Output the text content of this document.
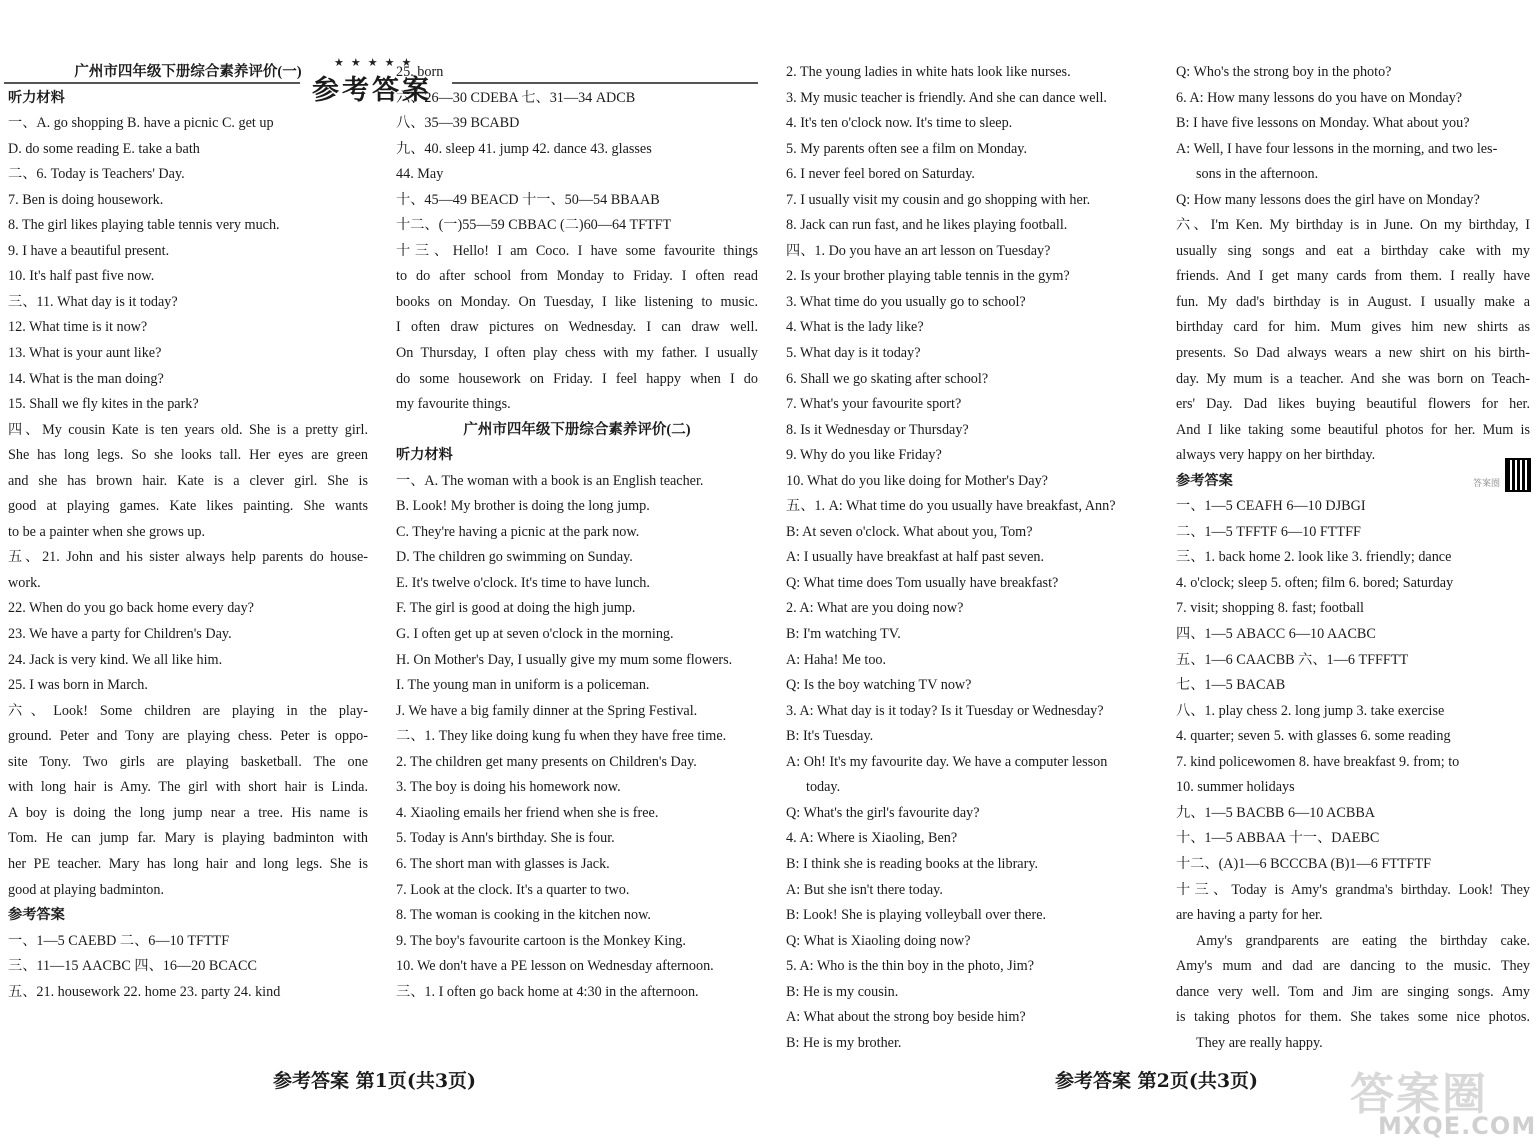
★★★★★
参考答案
广州市四年级下册综合素养评价(一)
听力材料
一、A. go shopping B. have a picnic C. get up
D. do some reading E. take a bath
二、6. Today is Teachers' Day.
7. Ben is doing housework.
8. The girl likes playing table tennis very much.
9. I have a beautiful present.
10. It's half past five now.
三、11. What day is it today?
12. What time is it now?
13. What is your aunt like?
14. What is the man doing?
15. Shall we fly kites in the park?
四、My cousin Kate is ten years old. She is a pretty girl.
She has long legs. So she looks tall. Her eyes are green
and she has brown hair. Kate is a clever girl. She is
good at playing games. Kate likes painting. She wants
to be a painter when she grows up.
五、21. John and his sister always help parents do house-
work.
22. When do you go back home every day?
23. We have a party for Children's Day.
24. Jack is very kind. We all like him.
25. I was born in March.
六、Look! Some children are playing in the play-
ground. Peter and Tony are playing chess. Peter is oppo-
site Tony. Two girls are playing basketball. The one
with long hair is Amy. The girl with short hair is Linda.
A boy is doing the long jump near a tree. His name is
Tom. He can jump far. Mary is playing badminton with
her PE teacher. Mary has long hair and long legs. She is
good at playing badminton.
参考答案
一、1—5 CAEBD 二、6—10 TFTTF
三、11—15 AACBC 四、16—20 BCACC
五、21. housework 22. home 23. party 24. kind
25. born
六、26—30 CDEBA 七、31—34 ADCB
八、35—39 BCABD
九、40. sleep 41. jump 42. dance 43. glasses
44. May
十、45—49 BEACD 十一、50—54 BBAAB
十二、(一)55—59 CBBAC (二)60—64 TFTFT
十三、Hello! I am Coco. I have some favourite things
to do after school from Monday to Friday. I often read
books on Monday. On Tuesday, I like listening to music.
I often draw pictures on Wednesday. I can draw well.
On Thursday, I often play chess with my father. I usually
do some housework on Friday. I feel happy when I do
my favourite things.
广州市四年级下册综合素养评价(二)
听力材料
一、A. The woman with a book is an English teacher.
B. Look! My brother is doing the long jump.
C. They're having a picnic at the park now.
D. The children go swimming on Sunday.
E. It's twelve o'clock. It's time to have lunch.
F. The girl is good at doing the high jump.
G. I often get up at seven o'clock in the morning.
H. On Mother's Day, I usually give my mum some flowers.
I. The young man in uniform is a policeman.
J. We have a big family dinner at the Spring Festival.
二、1. They like doing kung fu when they have free time.
2. The children get many presents on Children's Day.
3. The boy is doing his homework now.
4. Xiaoling emails her friend when she is free.
5. Today is Ann's birthday. She is four.
6. The short man with glasses is Jack.
7. Look at the clock. It's a quarter to two.
8. The woman is cooking in the kitchen now.
9. The boy's favourite cartoon is the Monkey King.
10. We don't have a PE lesson on Wednesday afternoon.
三、1. I often go back home at 4:30 in the afternoon.
2. The young ladies in white hats look like nurses.
3. My music teacher is friendly. And she can dance well.
4. It's ten o'clock now. It's time to sleep.
5. My parents often see a film on Monday.
6. I never feel bored on Saturday.
7. I usually visit my cousin and go shopping with her.
8. Jack can run fast, and he likes playing football.
四、1. Do you have an art lesson on Tuesday?
2. Is your brother playing table tennis in the gym?
3. What time do you usually go to school?
4. What is the lady like?
5. What day is it today?
6. Shall we go skating after school?
7. What's your favourite sport?
8. Is it Wednesday or Thursday?
9. Why do you like Friday?
10. What do you like doing for Mother's Day?
五、1. A: What time do you usually have breakfast, Ann?
B: At seven o'clock. What about you, Tom?
A: I usually have breakfast at half past seven.
Q: What time does Tom usually have breakfast?
2. A: What are you doing now?
B: I'm watching TV.
A: Haha! Me too.
Q: Is the boy watching TV now?
3. A: What day is it today? Is it Tuesday or Wednesday?
B: It's Tuesday.
A: Oh! It's my favourite day. We have a computer lesson
today.
Q: What's the girl's favourite day?
4. A: Where is Xiaoling, Ben?
B: I think she is reading books at the library.
A: But she isn't there today.
B: Look! She is playing volleyball over there.
Q: What is Xiaoling doing now?
5. A: Who is the thin boy in the photo, Jim?
B: He is my cousin.
A: What about the strong boy beside him?
B: He is my brother.
Q: Who's the strong boy in the photo?
6. A: How many lessons do you have on Monday?
B: I have five lessons on Monday. What about you?
A: Well, I have four lessons in the morning, and two les-
sons in the afternoon.
Q: How many lessons does the girl have on Monday?
六、I'm Ken. My birthday is in June. On my birthday, I
usually sing songs and eat a birthday cake with my
friends. And I get many cards from them. I really have
fun. My dad's birthday is in August. I usually make a
birthday card for him. Mum gives him new shirts as
presents. So Dad always wears a new shirt on his birth-
day. My mum is a teacher. And she was born on Teach-
ers' Day. Dad likes buying beautiful flowers for her.
And I like taking some beautiful photos for her. Mum is
always very happy on her birthday.
参考答案
一、1—5 CEAFH 6—10 DJBGI
二、1—5 TFFTF 6—10 FTTFF
三、1. back home 2. look like 3. friendly; dance
4. o'clock; sleep 5. often; film 6. bored; Saturday
7. visit; shopping 8. fast; football
四、1—5 ABACC 6—10 AACBC
五、1—6 CAACBB 六、1—6 TFFFTT
七、1—5 BACAB
八、1. play chess 2. long jump 3. take exercise
4. quarter; seven 5. with glasses 6. some reading
7. kind policewomen 8. have breakfast 9. from; to
10. summer holidays
九、1—5 BACBB 6—10 ACBBA
十、1—5 ABBAA 十一、DAEBC
十二、(A)1—6 BCCCBA (B)1—6 FTTFTF
十三、Today is Amy's grandma's birthday. Look! They
are having a party for her.
Amy's grandparents are eating the birthday cake.
Amy's mum and dad are dancing to the music. They
dance very well. Tom and Jim are singing songs. Amy
is taking photos for them. She takes some nice photos.
They are really happy.
答案圈
参考答案 第1页(共3页)	参考答案 第2页(共3页) 答案圈
MXQE.COM
